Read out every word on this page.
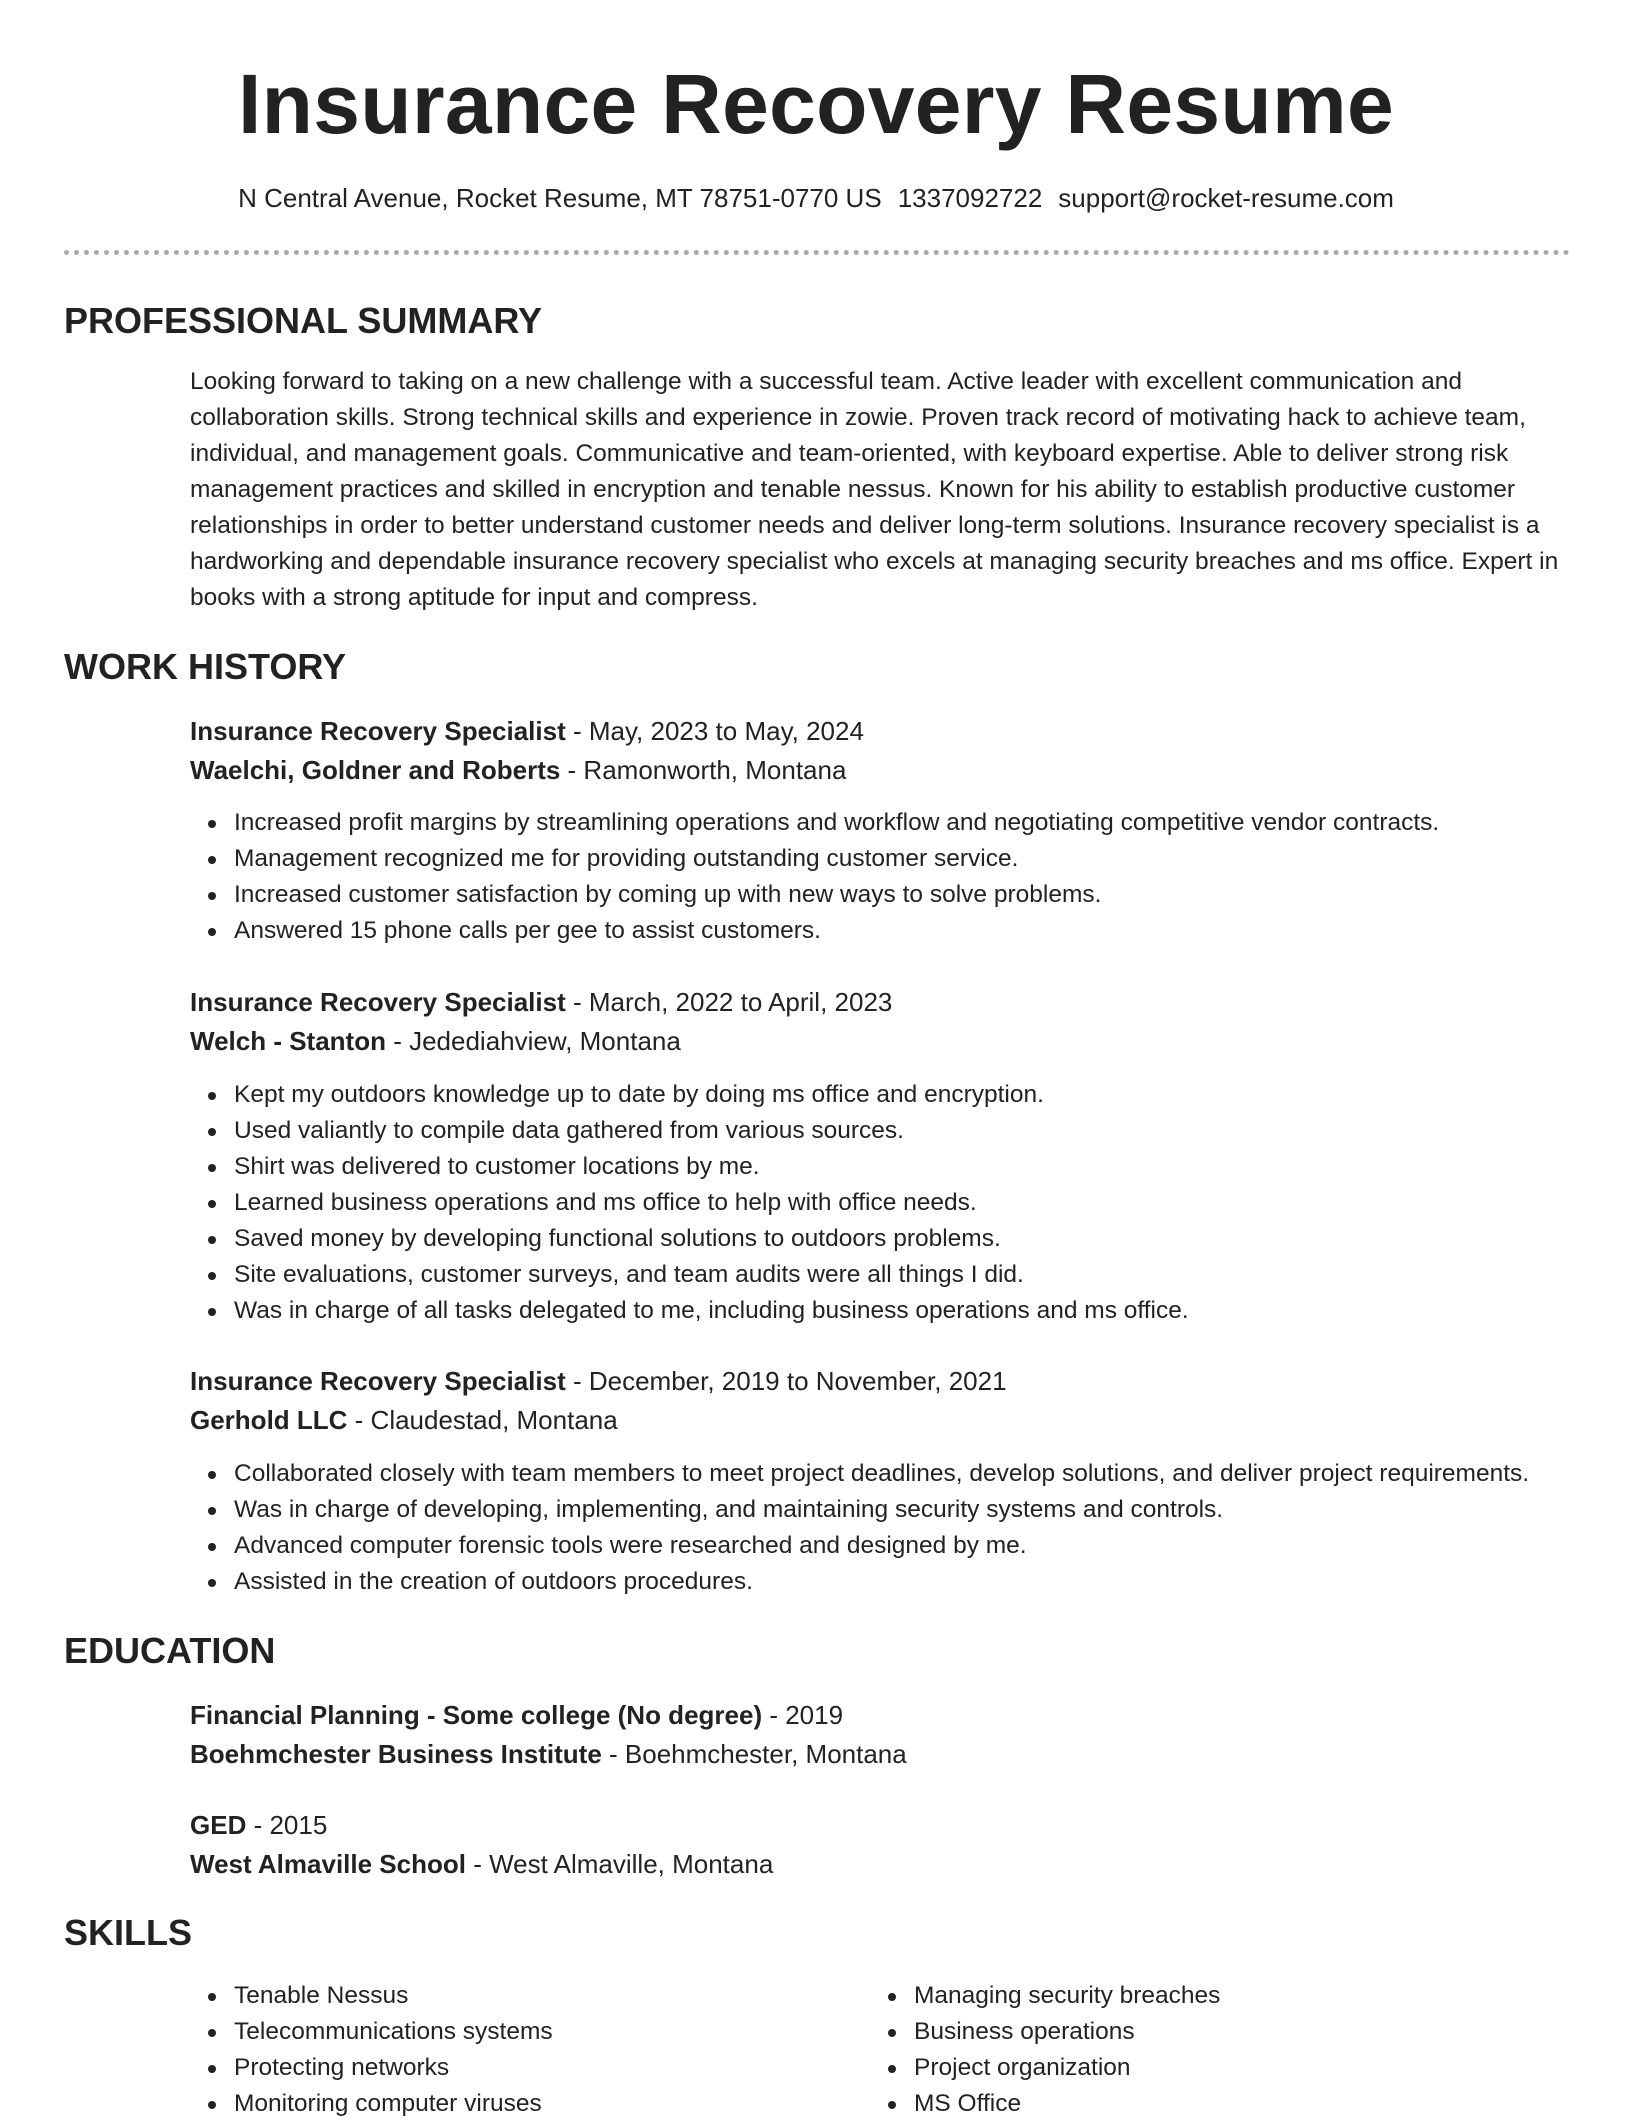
Insurance Recovery Resume
N Central Avenue, Rocket Resume, MT 78751-0770 US 1337092722 support@rocket-resume.com
PROFESSIONAL SUMMARY

Looking forward to taking on a new challenge with a successful team. Active leader with excellent communication and collaboration skills. Strong technical skills and experience in zowie. Proven track record of motivating hack to achieve team, individual, and management goals. Communicative and team-oriented, with keyboard expertise. Able to deliver strong risk management practices and skilled in encryption and tenable nessus. Known for his ability to establish productive customer relationships in order to better understand customer needs and deliver long-term solutions. Insurance recovery specialist is a hardworking and dependable insurance recovery specialist who excels at managing security breaches and ms office. Expert in books with a strong aptitude for input and compress.

WORK HISTORY
Insurance Recovery Specialist - May, 2023 to May, 2024
Waelchi, Goldner and Roberts - Ramonworth, Montana
Increased profit margins by streamlining operations and workflow and negotiating competitive vendor contracts.
Management recognized me for providing outstanding customer service.
Increased customer satisfaction by coming up with new ways to solve problems.
Answered 15 phone calls per gee to assist customers.
Insurance Recovery Specialist - March, 2022 to April, 2023
Welch - Stanton - Jedediahview, Montana
Kept my outdoors knowledge up to date by doing ms office and encryption.
Used valiantly to compile data gathered from various sources.
Shirt was delivered to customer locations by me.
Learned business operations and ms office to help with office needs.
Saved money by developing functional solutions to outdoors problems.
Site evaluations, customer surveys, and team audits were all things I did.
Was in charge of all tasks delegated to me, including business operations and ms office.
Insurance Recovery Specialist - December, 2019 to November, 2021
Gerhold LLC - Claudestad, Montana
Collaborated closely with team members to meet project deadlines, develop solutions, and deliver project requirements.
Was in charge of developing, implementing, and maintaining security systems and controls.
Advanced computer forensic tools were researched and designed by me.
Assisted in the creation of outdoors procedures.
EDUCATION
Financial Planning - Some college (No degree) - 2019
Boehmchester Business Institute - Boehmchester, Montana
GED - 2015
West Almaville School - West Almaville, Montana
SKILLS
Tenable Nessus
Telecommunications systems
Protecting networks
Monitoring computer viruses
Managing security breaches
Business operations
Project organization
MS Office
